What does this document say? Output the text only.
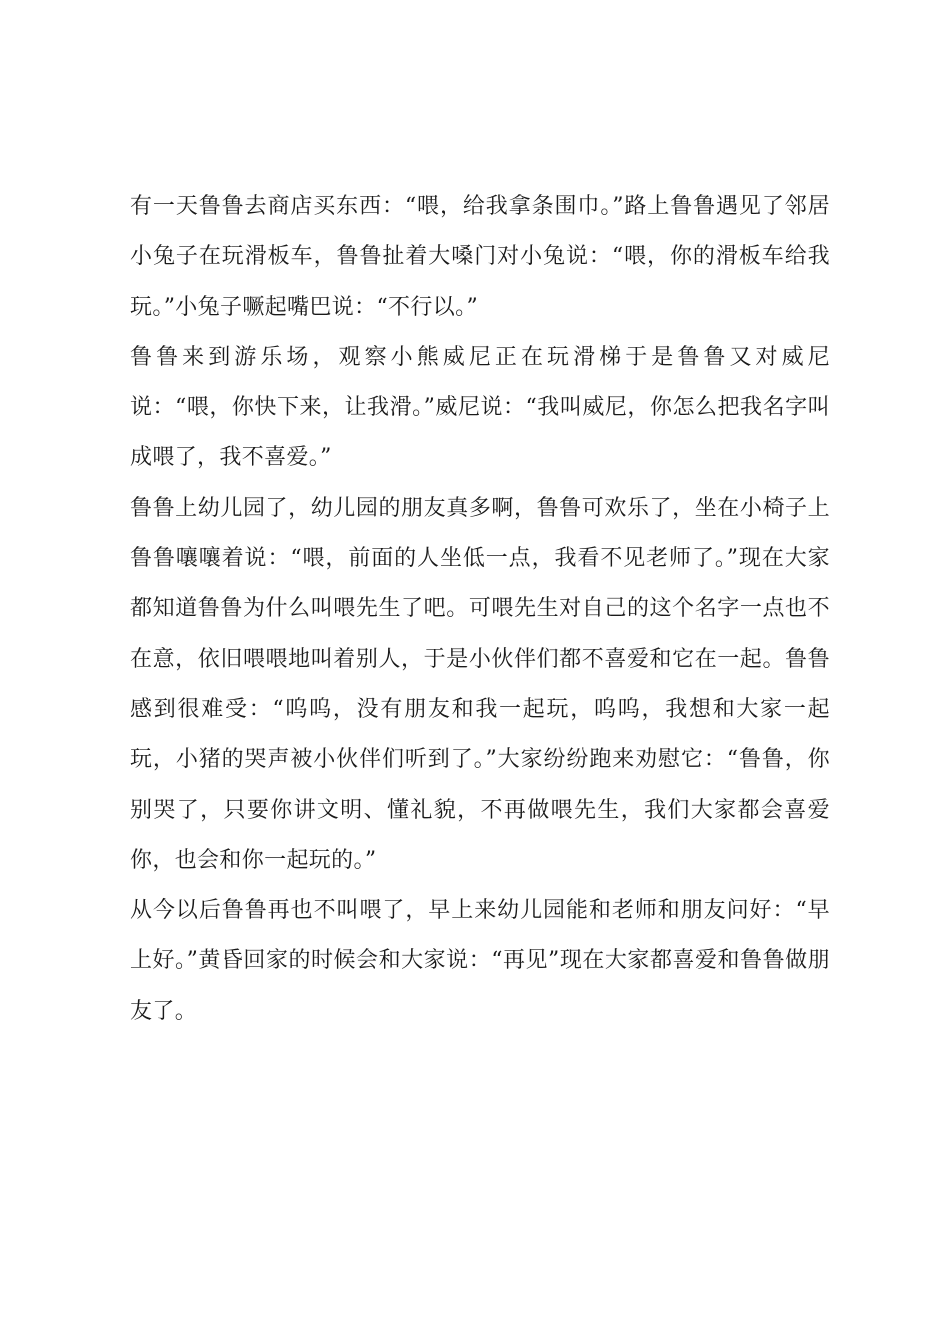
有一天鲁鲁去商店买东西：“喂，给我拿条围巾。”路上鲁鲁遇见了邻居小兔子在玩滑板车，鲁鲁扯着大嗓门对小兔说：“喂，你的滑板车给我玩。”小兔子噘起嘴巴说：“不行以。”

鲁鲁来到游乐场，观察小熊威尼正在玩滑梯于是鲁鲁又对威尼说：“喂，你快下来，让我滑。”威尼说：“我叫威尼，你怎么把我名字叫成喂了，我不喜爱。”

鲁鲁上幼儿园了，幼儿园的朋友真多啊，鲁鲁可欢乐了，坐在小椅子上鲁鲁嚷嚷着说：“喂，前面的人坐低一点，我看不见老师了。”现在大家都知道鲁鲁为什么叫喂先生了吧。可喂先生对自己的这个名字一点也不在意，依旧喂喂地叫着别人，于是小伙伴们都不喜爱和它在一起。鲁鲁感到很难受：“呜呜，没有朋友和我一起玩，呜呜，我想和大家一起玩，小猪的哭声被小伙伴们听到了。”大家纷纷跑来劝慰它：“鲁鲁，你别哭了，只要你讲文明、懂礼貌，不再做喂先生，我们大家都会喜爱你，也会和你一起玩的。”

从今以后鲁鲁再也不叫喂了，早上来幼儿园能和老师和朋友问好：“早上好。”黄昏回家的时候会和大家说：“再见”现在大家都喜爱和鲁鲁做朋友了。
